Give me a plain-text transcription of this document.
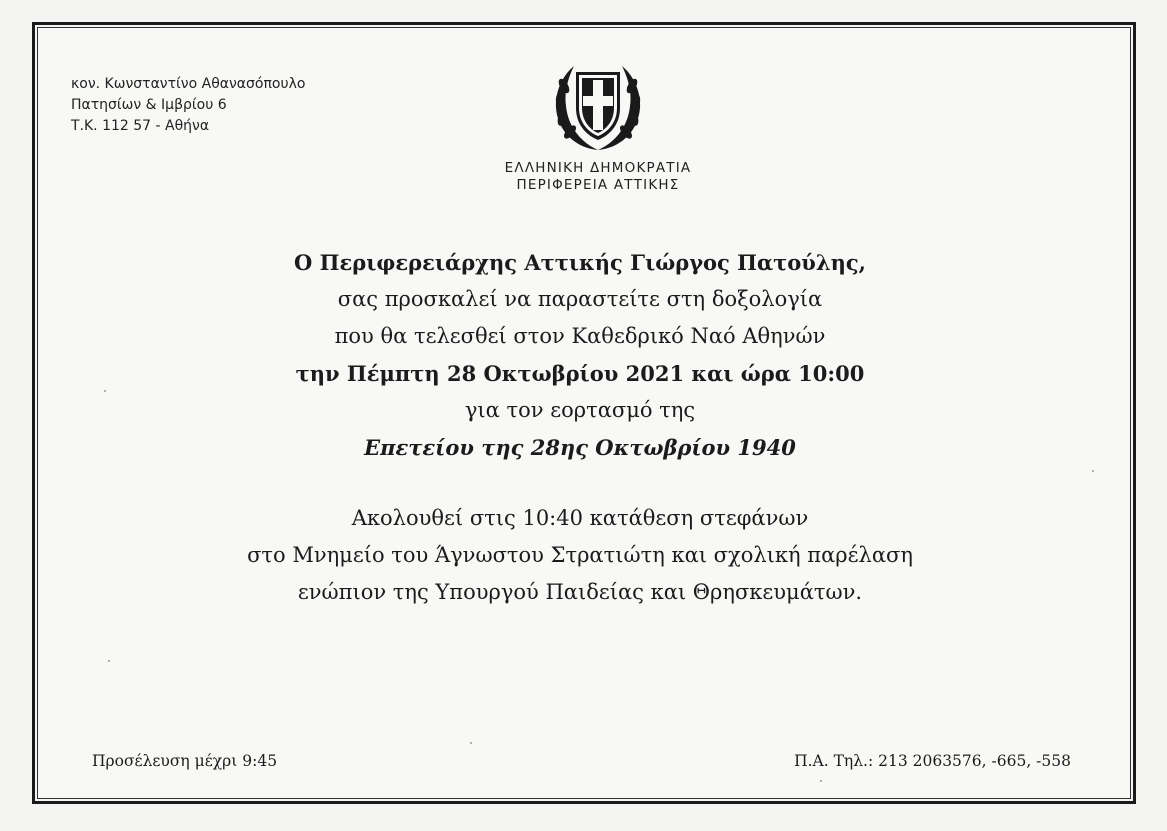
κον. Κωνσταντίνο Αθανασόπουλο
Πατησίων & Ιμβρίου 6
Τ.Κ. 112 57 - Αθήνα
ΕΛΛΗΝΙΚΗ ΔΗΜΟΚΡΑΤΙΑ
ΠΕΡΙΦΕΡΕΙΑ ΑΤΤΙΚΗΣ
Ο Περιφερειάρχης Αττικής Γιώργος Πατούλης,
σας προσκαλεί να παραστείτε στη δοξολογία
που θα τελεσθεί στον Καθεδρικό Ναό Αθηνών
την Πέμπτη 28 Οκτωβρίου 2021 και ώρα 10:00
για τον εορτασμό της
Επετείου της 28ης Οκτωβρίου 1940
Ακολουθεί στις 10:40 κατάθεση στεφάνων
στο Μνημείο του Άγνωστου Στρατιώτη και σχολική παρέλαση
ενώπιον της Υπουργού Παιδείας και Θρησκευμάτων.
Προσέλευση μέχρι 9:45	Π.Α. Τηλ.: 213 2063576, -665, -558
